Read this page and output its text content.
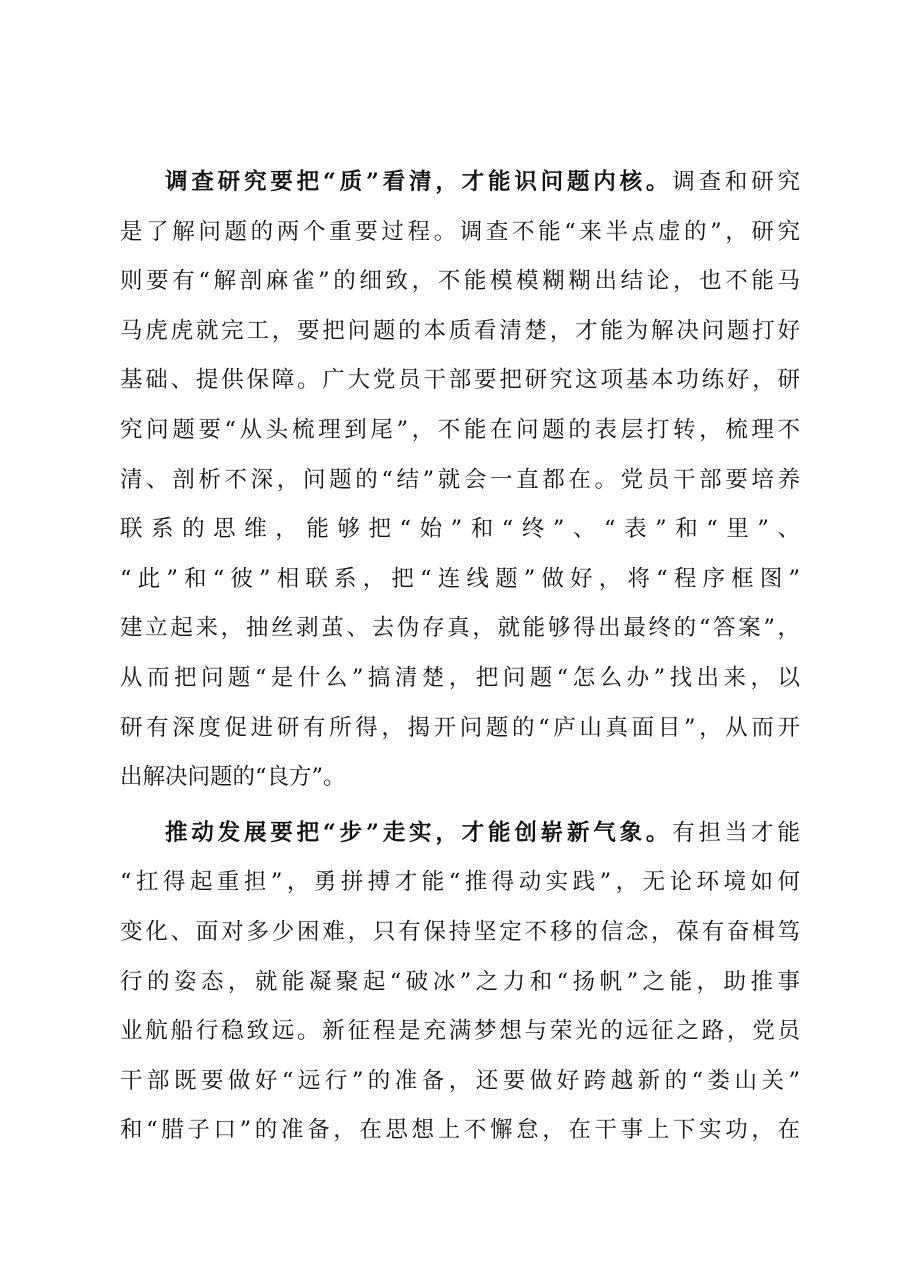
调查研究要把“质”看清，才能识问题内核。调查和研究
是了解问题的两个重要过程。调查不能“来半点虚的”，研究
则要有“解剖麻雀”的细致，不能模模糊糊出结论，也不能马
马虎虎就完工，要把问题的本质看清楚，才能为解决问题打好
基础、提供保障。广大党员干部要把研究这项基本功练好，研
究问题要“从头梳理到尾”，不能在问题的表层打转，梳理不
清、剖析不深，问题的“结”就会一直都在。党员干部要培养
联系的思维，能够把“始”和“终”、“表”和“里”、
“此”和“彼”相联系，把“连线题”做好，将“程序框图”
建立起来，抽丝剥茧、去伪存真，就能够得出最终的“答案”，
从而把问题“是什么”搞清楚，把问题“怎么办”找出来，以
研有深度促进研有所得，揭开问题的“庐山真面目”，从而开
出解决问题的“良方”。
推动发展要把“步”走实，才能创崭新气象。有担当才能
“扛得起重担”，勇拼搏才能“推得动实践”，无论环境如何
变化、面对多少困难，只有保持坚定不移的信念，葆有奋楫笃
行的姿态，就能凝聚起“破冰”之力和“扬帆”之能，助推事
业航船行稳致远。新征程是充满梦想与荣光的远征之路，党员
干部既要做好“远行”的准备，还要做好跨越新的“娄山关”
和“腊子口”的准备，在思想上不懈怠，在干事上下实功，在
